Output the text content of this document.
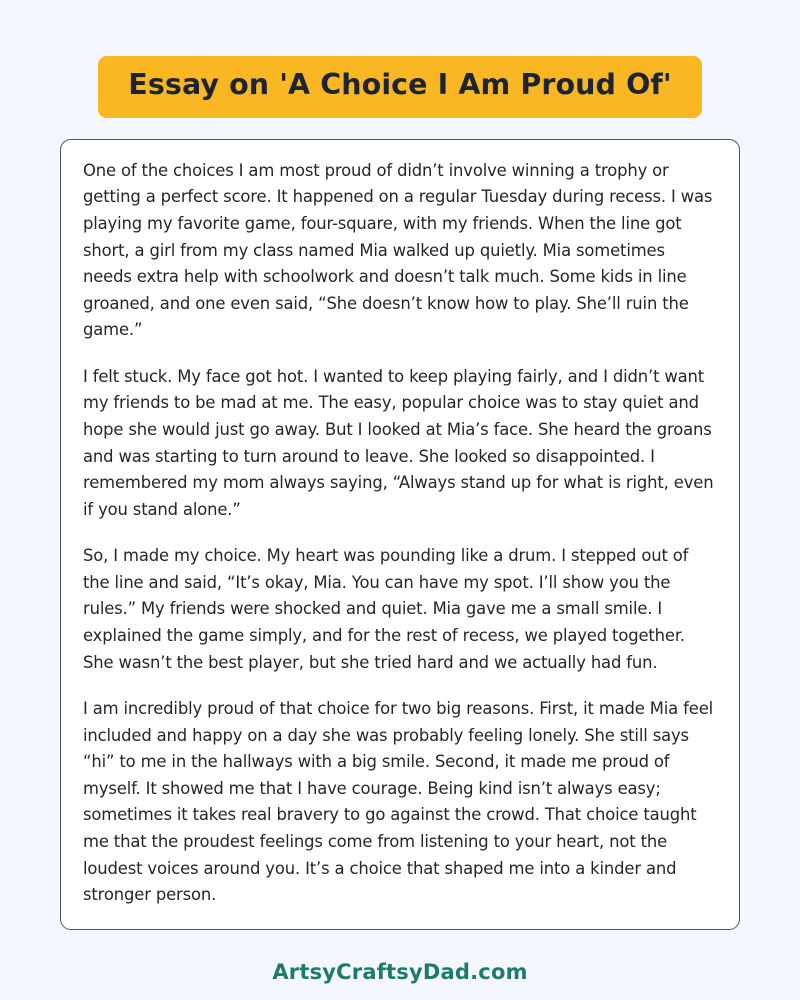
Essay on 'A Choice I Am Proud Of'

One of the choices I am most proud of didn’t involve winning a trophy or getting a perfect score. It happened on a regular Tuesday during recess. I was playing my favorite game, four-square, with my friends. When the line got short, a girl from my class named Mia walked up quietly. Mia sometimes needs extra help with schoolwork and doesn’t talk much. Some kids in line groaned, and one even said, “She doesn’t know how to play. She’ll ruin the game.”

I felt stuck. My face got hot. I wanted to keep playing fairly, and I didn’t want my friends to be mad at me. The easy, popular choice was to stay quiet and hope she would just go away. But I looked at Mia’s face. She heard the groans and was starting to turn around to leave. She looked so disappointed. I remembered my mom always saying, “Always stand up for what is right, even if you stand alone.”

So, I made my choice. My heart was pounding like a drum. I stepped out of the line and said, “It’s okay, Mia. You can have my spot. I’ll show you the rules.” My friends were shocked and quiet. Mia gave me a small smile. I explained the game simply, and for the rest of recess, we played together. She wasn’t the best player, but she tried hard and we actually had fun.

I am incredibly proud of that choice for two big reasons. First, it made Mia feel included and happy on a day she was probably feeling lonely. She still says “hi” to me in the hallways with a big smile. Second, it made me proud of myself. It showed me that I have courage. Being kind isn’t always easy; sometimes it takes real bravery to go against the crowd. That choice taught me that the proudest feelings come from listening to your heart, not the loudest voices around you. It’s a choice that shaped me into a kinder and stronger person.

ArtsyCraftsyDad.com
